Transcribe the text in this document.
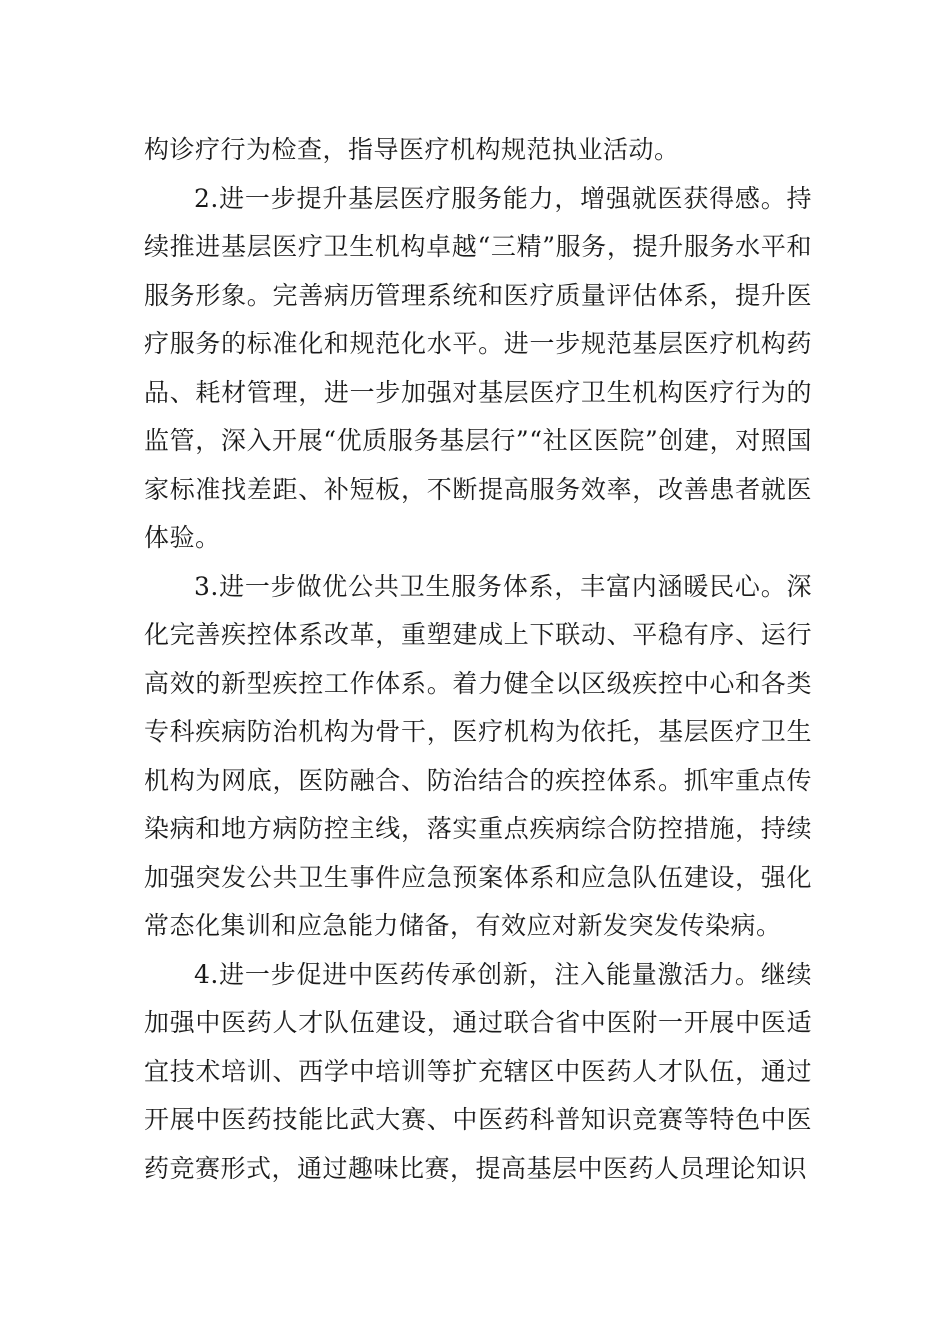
构诊疗行为检查，指导医疗机构规范执业活动。

2.进一步提升基层医疗服务能力，增强就医获得感。持续推进基层医疗卫生机构卓越“三精”服务，提升服务水平和服务形象。完善病历管理系统和医疗质量评估体系，提升医疗服务的标准化和规范化水平。进一步规范基层医疗机构药品、耗材管理，进一步加强对基层医疗卫生机构医疗行为的监管，深入开展“优质服务基层行”“社区医院”创建，对照国家标准找差距、补短板，不断提高服务效率，改善患者就医体验。

3.进一步做优公共卫生服务体系，丰富内涵暖民心。深化完善疾控体系改革，重塑建成上下联动、平稳有序、运行高效的新型疾控工作体系。着力健全以区级疾控中心和各类专科疾病防治机构为骨干，医疗机构为依托，基层医疗卫生机构为网底，医防融合、防治结合的疾控体系。抓牢重点传染病和地方病防控主线，落实重点疾病综合防控措施，持续加强突发公共卫生事件应急预案体系和应急队伍建设，强化常态化集训和应急能力储备，有效应对新发突发传染病。

4.进一步促进中医药传承创新，注入能量激活力。继续加强中医药人才队伍建设，通过联合省中医附一开展中医适宜技术培训、西学中培训等扩充辖区中医药人才队伍，通过开展中医药技能比武大赛、中医药科普知识竞赛等特色中医药竞赛形式，通过趣味比赛，提高基层中医药人员理论知识
